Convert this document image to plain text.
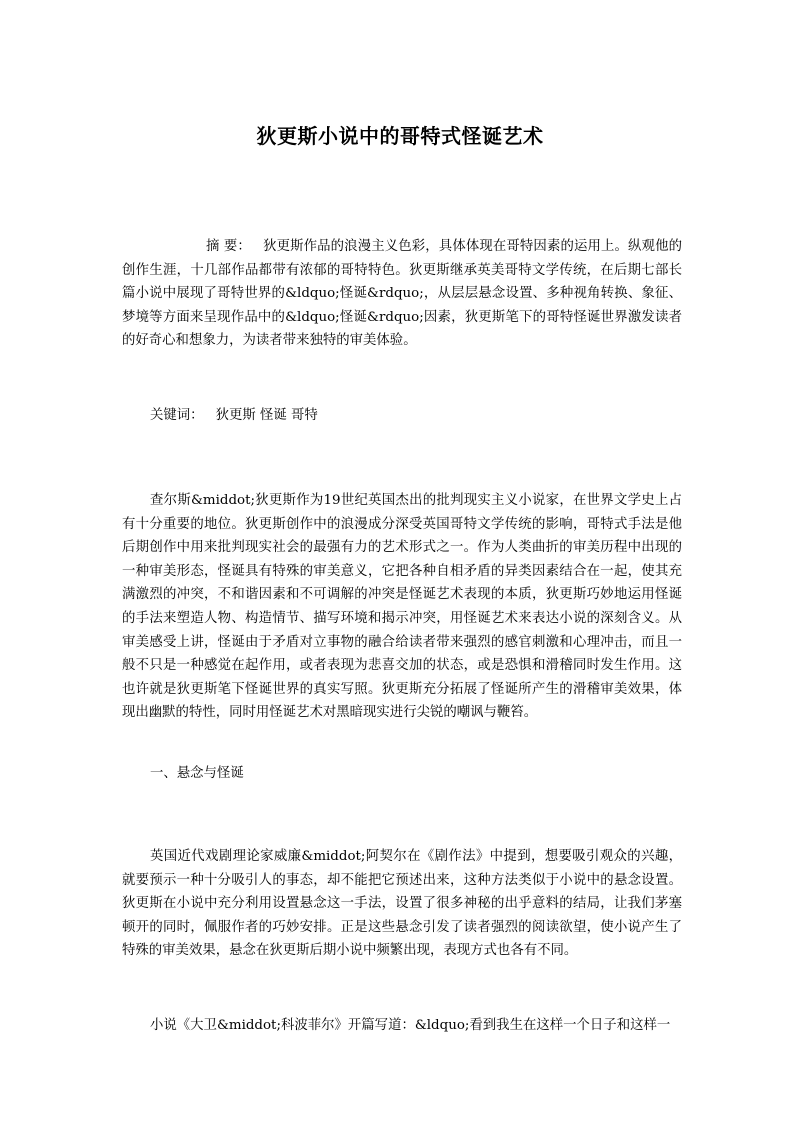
狄更斯小说中的哥特式怪诞艺术

摘 要： 狄更斯作品的浪漫主义色彩，具体体现在哥特因素的运用上。纵观他的创作生涯，十几部作品都带有浓郁的哥特特色。狄更斯继承英美哥特文学传统，在后期七部长篇小说中展现了哥特世界的&ldquo;怪诞&rdquo;，从层层悬念设置、多种视角转换、象征、梦境等方面来呈现作品中的&ldquo;怪诞&rdquo;因素，狄更斯笔下的哥特怪诞世界激发读者的好奇心和想象力，为读者带来独特的审美体验。

关键词： 狄更斯 怪诞 哥特

查尔斯&middot;狄更斯作为19世纪英国杰出的批判现实主义小说家，在世界文学史上占有十分重要的地位。狄更斯创作中的浪漫成分深受英国哥特文学传统的影响，哥特式手法是他后期创作中用来批判现实社会的最强有力的艺术形式之一。作为人类曲折的审美历程中出现的一种审美形态，怪诞具有特殊的审美意义，它把各种自相矛盾的异类因素结合在一起，使其充满激烈的冲突，不和谐因素和不可调解的冲突是怪诞艺术表现的本质，狄更斯巧妙地运用怪诞的手法来塑造人物、构造情节、描写环境和揭示冲突，用怪诞艺术来表达小说的深刻含义。从审美感受上讲，怪诞由于矛盾对立事物的融合给读者带来强烈的感官刺激和心理冲击，而且一般不只是一种感觉在起作用，或者表现为悲喜交加的状态，或是恐惧和滑稽同时发生作用。这也许就是狄更斯笔下怪诞世界的真实写照。狄更斯充分拓展了怪诞所产生的滑稽审美效果，体现出幽默的特性，同时用怪诞艺术对黑暗现实进行尖锐的嘲讽与鞭笞。

一、悬念与怪诞

英国近代戏剧理论家威廉&middot;阿契尔在《剧作法》中提到，想要吸引观众的兴趣，就要预示一种十分吸引人的事态，却不能把它预述出来，这种方法类似于小说中的悬念设置。狄更斯在小说中充分利用设置悬念这一手法，设置了很多神秘的出乎意料的结局，让我们茅塞顿开的同时，佩服作者的巧妙安排。正是这些悬念引发了读者强烈的阅读欲望，使小说产生了特殊的审美效果，悬念在狄更斯后期小说中频繁出现，表现方式也各有不同。

小说《大卫&middot;科波菲尔》开篇写道：&ldquo;看到我生在这样一个日子和这样一
